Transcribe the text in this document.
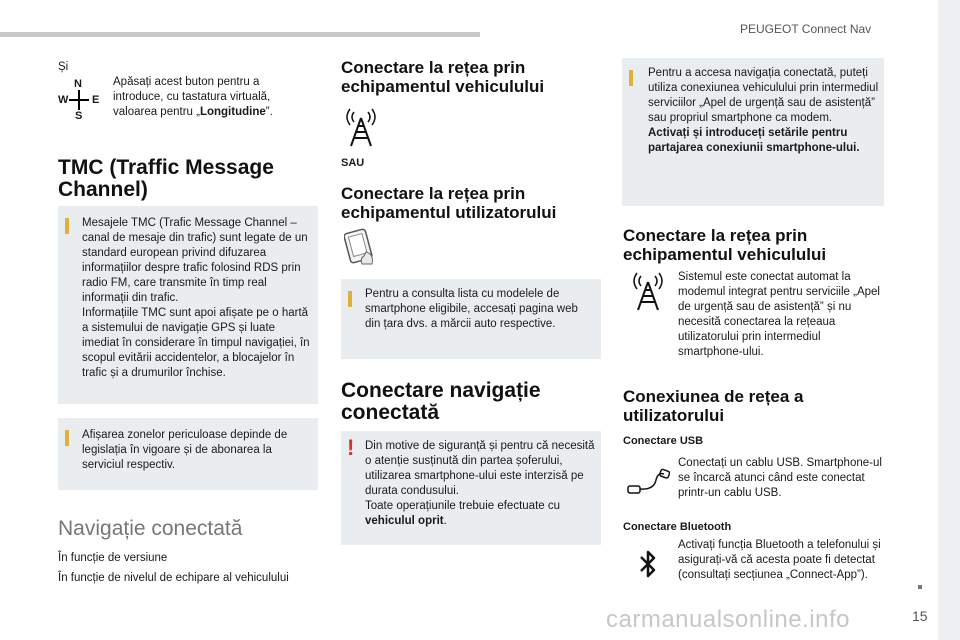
PEUGEOT Connect Nav
15
Și
N
W E
S
Apăsați acest buton pentru a introduce, cu tastatura virtuală, valoarea pentru „Longitudine”.
TMC (Traffic Message Channel)
Mesajele TMC (Trafic Message Channel – canal de mesaje din trafic) sunt legate de un standard european privind difuzarea informațiilor despre trafic folosind RDS prin radio FM, care transmite în timp real informații din trafic.
Informațiile TMC sunt apoi afișate pe o hartă a sistemului de navigație GPS și luate imediat în considerare în timpul navigației, în scopul evitării accidentelor, a blocajelor în trafic și a drumurilor închise.
Afișarea zonelor periculoase depinde de legislația în vigoare și de abonarea la serviciul respectiv.
Navigație conectată
În funcție de versiune
În funcție de nivelul de echipare al vehiculului
Conectare la rețea prin echipamentul vehiculului
SAU
Conectare la rețea prin echipamentul utilizatorului
Pentru a consulta lista cu modelele de smartphone eligibile, accesați pagina web din țara dvs. a mărcii auto respective.
Conectare navigație conectată
! Din motive de siguranță și pentru că necesită o atenție susținută din partea șoferului, utilizarea smartphone-ului este interzisă pe durata condusului.
Toate operațiunile trebuie efectuate cu vehiculul oprit.
Pentru a accesa navigația conectată, puteți utiliza conexiunea vehiculului prin intermediul serviciilor „Apel de urgență sau de asistență” sau propriul smartphone ca modem.
Activați și introduceți setările pentru partajarea conexiunii smartphone-ului.
Conectare la rețea prin echipamentul vehiculului
Sistemul este conectat automat la modemul integrat pentru serviciile „Apel de urgență sau de asistență” și nu necesită conectarea la rețeaua utilizatorului prin intermediul smartphone-ului.
Conexiunea de rețea a utilizatorului
Conectare USB
Conectați un cablu USB. Smartphone-ul se încarcă atunci când este conectat printr-un cablu USB.
Conectare Bluetooth
Activați funcția Bluetooth a telefonului și asigurați-vă că acesta poate fi detectat (consultați secțiunea „Connect-App”).
carmanualsonline.info
